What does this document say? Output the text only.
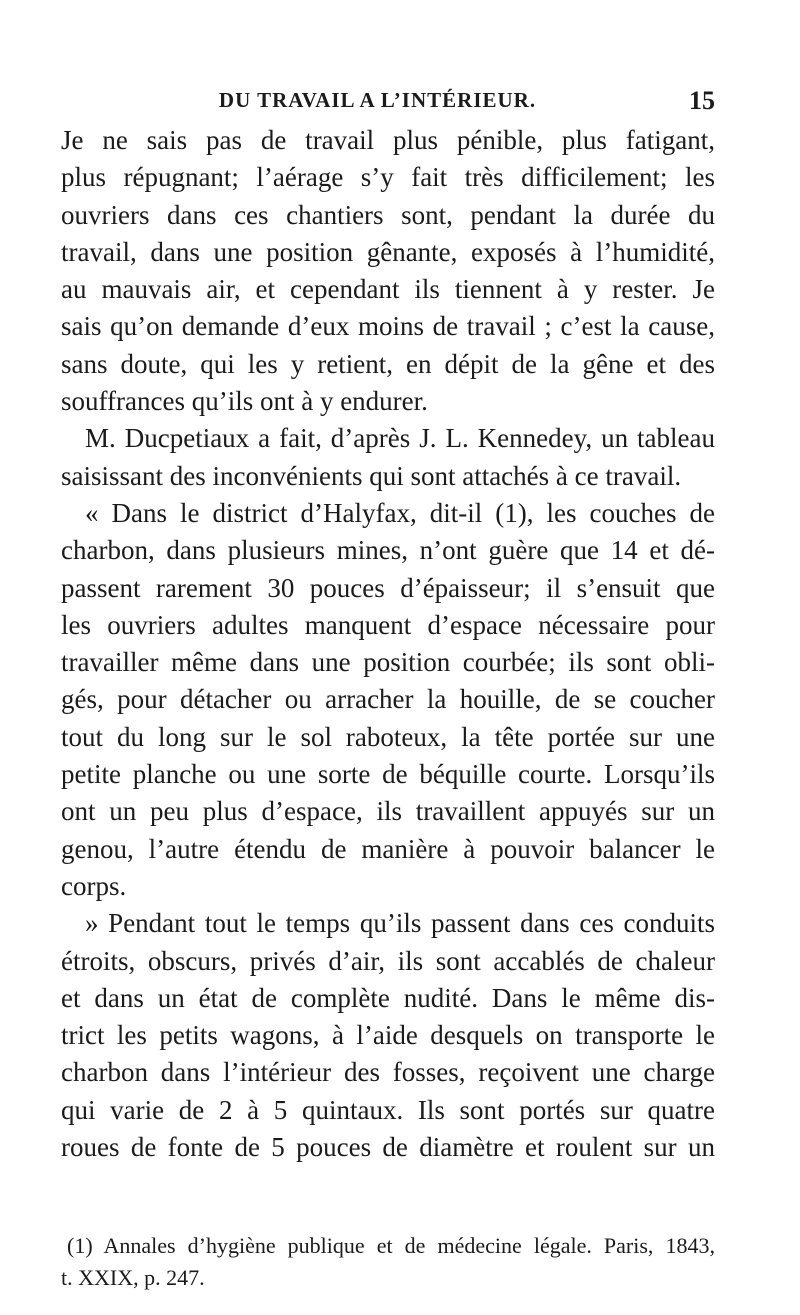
DU TRAVAIL A L’INTÉRIEUR.	15
Je ne sais pas de travail plus pénible, plus fatigant,
plus répugnant; l’aérage s’y fait très difficilement; les
ouvriers dans ces chantiers sont, pendant la durée du
travail, dans une position gênante, exposés à l’humidité,
au mauvais air, et cependant ils tiennent à y rester. Je
sais qu’on demande d’eux moins de travail ; c’est la cause,
sans doute, qui les y retient, en dépit de la gêne et des
souffrances qu’ils ont à y endurer.
M. Ducpetiaux a fait, d’après J. L. Kennedey, un tableau
saisissant des inconvénients qui sont attachés à ce travail.
« Dans le district d’Halyfax, dit-il (1), les couches de
charbon, dans plusieurs mines, n’ont guère que 14 et dé-
passent rarement 30 pouces d’épaisseur; il s’ensuit que
les ouvriers adultes manquent d’espace nécessaire pour
travailler même dans une position courbée; ils sont obli-
gés, pour détacher ou arracher la houille, de se coucher
tout du long sur le sol raboteux, la tête portée sur une
petite planche ou une sorte de béquille courte. Lorsqu’ils
ont un peu plus d’espace, ils travaillent appuyés sur un
genou, l’autre étendu de manière à pouvoir balancer le
corps.
» Pendant tout le temps qu’ils passent dans ces conduits
étroits, obscurs, privés d’air, ils sont accablés de chaleur
et dans un état de complète nudité. Dans le même dis-
trict les petits wagons, à l’aide desquels on transporte le
charbon dans l’intérieur des fosses, reçoivent une charge
qui varie de 2 à 5 quintaux. Ils sont portés sur quatre
roues de fonte de 5 pouces de diamètre et roulent sur un
(1) Annales d’hygiène publique et de médecine légale. Paris, 1843,
t. XXIX, p. 247.
